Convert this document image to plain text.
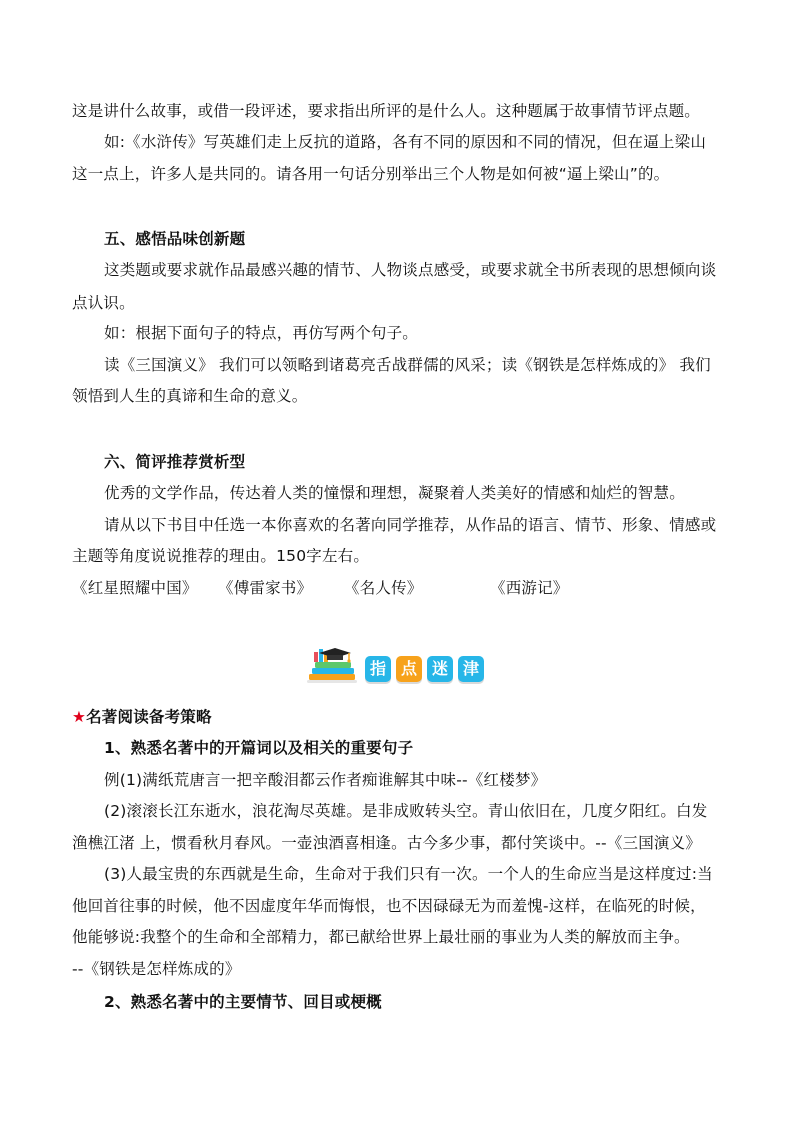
这是讲什么故事，或借一段评述，要求指出所评的是什么人。这种题属于故事情节评点题。
如:《水浒传》写英雄们走上反抗的道路，各有不同的原因和不同的情况，但在逼上梁山
这一点上，许多人是共同的。请各用一句话分别举出三个人物是如何被“逼上梁山”的。
五、感悟品味创新题
这类题或要求就作品最感兴趣的情节、人物谈点感受，或要求就全书所表现的思想倾向谈
点认识。
如：根据下面句子的特点，再仿写两个句子。
读《三国演义》 我们可以领略到诸葛亮舌战群儒的风采；读《钢铁是怎样炼成的》 我们
领悟到人生的真谛和生命的意义。
六、简评推荐赏析型
优秀的文学作品，传达着人类的憧憬和理想，凝聚着人类美好的情感和灿烂的智慧。
请从以下书目中任选一本你喜欢的名著向同学推荐，从作品的语言、情节、形象、情感或
主题等角度说说推荐的理由。150字左右。
《红星照耀中国》 《傅雷家书》 《名人传》	《西游记》
指 点 迷 津
★名著阅读备考策略
1、熟悉名著中的开篇词以及相关的重要句子
例(1)满纸荒唐言一把辛酸泪都云作者痴谁解其中味--《红楼梦》
(2)滚滚长江东逝水，浪花淘尽英雄。是非成败转头空。青山依旧在，几度夕阳红。白发
渔樵江渚 上，惯看秋月春风。一壶浊酒喜相逢。古今多少事，都付笑谈中。--《三国演义》
(3)人最宝贵的东西就是生命，生命对于我们只有一次。一个人的生命应当是这样度过:当
他回首往事的时候，他不因虚度年华而悔恨，也不因碌碌无为而羞愧-这样，在临死的时候，
他能够说:我整个的生命和全部精力，都已献给世界上最壮丽的事业为人类的解放而主争。
--《钢铁是怎样炼成的》
2、熟悉名著中的主要情节、回目或梗概
